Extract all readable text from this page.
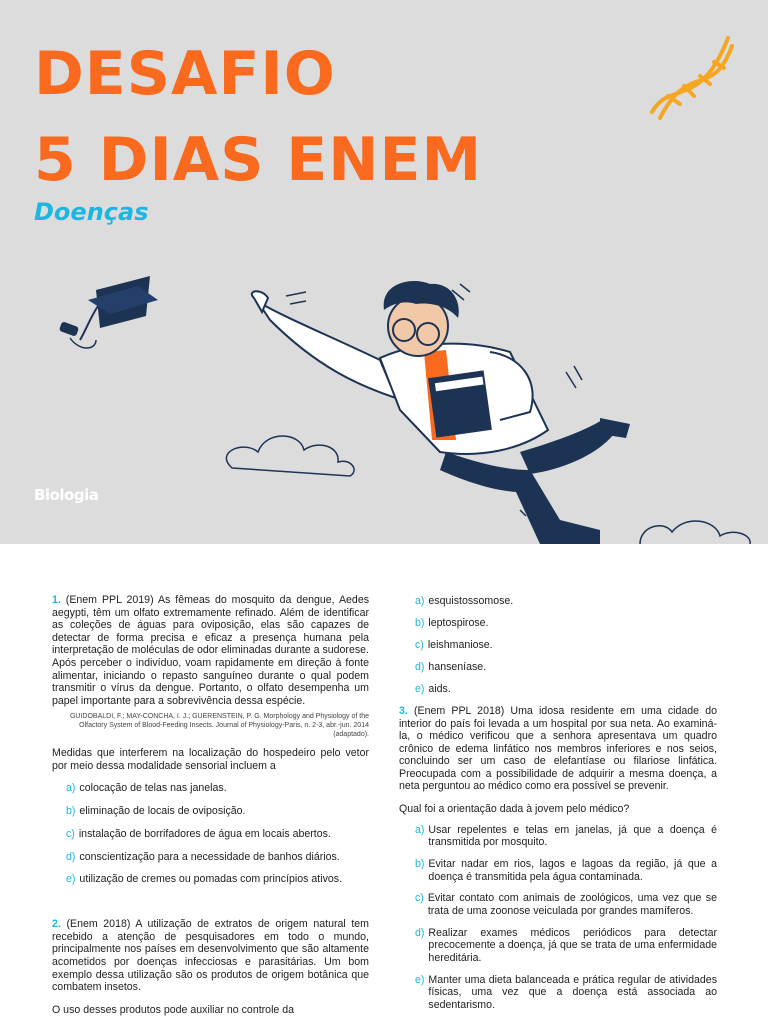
DESAFIO
5 DIAS ENEM
Doenças
Biologia

1. (Enem PPL 2019) As fêmeas do mosquito da dengue, Aedes aegypti, têm um olfato extremamente refinado. Além de identificar as coleções de águas para oviposição, elas são capazes de detectar de forma precisa e eficaz a presença humana pela interpretação de moléculas de odor eliminadas durante a sudorese. Após perceber o indivíduo, voam rapidamente em direção à fonte alimentar, iniciando o repasto sanguíneo durante o qual podem transmitir o vírus da dengue. Portanto, o olfato desempenha um papel importante para a sobrevivência dessa espécie.

GUIDOBALDI, F.; MAY-CONCHA, I. J.; GUERENSTEIN, P. G. Morphology and Physiology of the Olfactory System of Blood-Feeding Insects. Journal of Physiology-Paris, n. 2-3, abr.-jun. 2014 (adaptado).

Medidas que interferem na localização do hospedeiro pelo vetor por meio dessa modalidade sensorial incluem a

a) colocação de telas nas janelas.
b) eliminação de locais de oviposição.
c) instalação de borrifadores de água em locais abertos.
d) conscientização para a necessidade de banhos diários.
e) utilização de cremes ou pomadas com princípios ativos.

2. (Enem 2018) A utilização de extratos de origem natural tem recebido a atenção de pesquisadores em todo o mundo, principalmente nos países em desenvolvimento que são altamente acometidos por doenças infecciosas e parasitárias. Um bom exemplo dessa utilização são os produtos de origem botânica que combatem insetos.

O uso desses produtos pode auxiliar no controle da

a) esquistossomose.
b) leptospirose.
c) leishmaniose.
d) hanseníase.
e) aids.

3. (Enem PPL 2018) Uma idosa residente em uma cidade do interior do país foi levada a um hospital por sua neta. Ao examiná-la, o médico verificou que a senhora apresentava um quadro crônico de edema linfático nos membros inferiores e nos seios, concluindo ser um caso de elefantíase ou filariose linfática. Preocupada com a possibilidade de adquirir a mesma doença, a neta perguntou ao médico como era possível se prevenir.

Qual foi a orientação dada à jovem pelo médico?

a) Usar repelentes e telas em janelas, já que a doença é transmitida por mosquito.
b) Evitar nadar em rios, lagos e lagoas da região, já que a doença é transmitida pela água contaminada.
c) Evitar contato com animais de zoológicos, uma vez que se trata de uma zoonose veiculada por grandes mamíferos.
d) Realizar exames médicos periódicos para detectar precocemente a doença, já que se trata de uma enfermidade hereditária.
e) Manter uma dieta balanceada e prática regular de atividades físicas, uma vez que a doença está associada ao sedentarismo.
